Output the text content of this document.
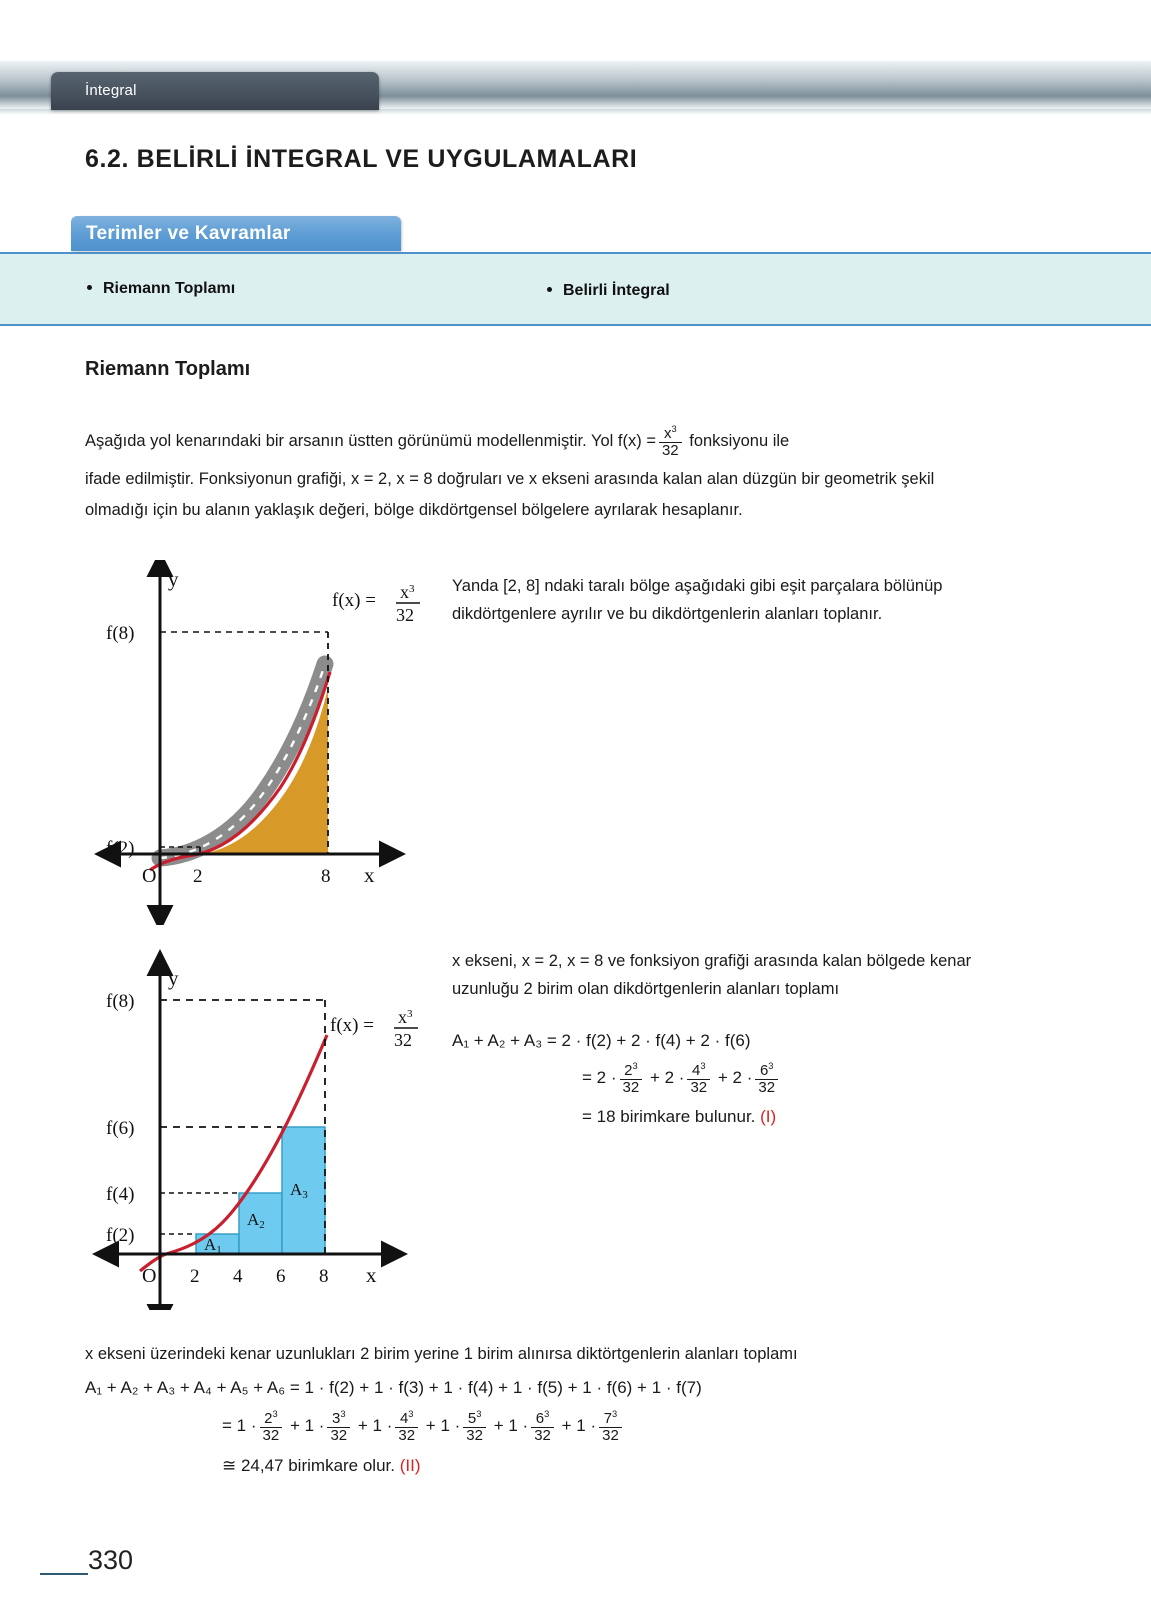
İntegral
6.2. BELİRLİ İNTEGRAL VE UYGULAMALARI
Terimler ve Kavramlar
Riemann Toplamı	Belirli İntegral
Riemann Toplamı
Aşağıda yol kenarındaki bir arsanın üstten görünümü modellenmiştir. Yol $f(x) = \frac{x^3}{32}$ fonksiyonu ile
ifade edilmiştir. Fonksiyonun grafiği, x = 2, x = 8 doğruları ve x ekseni arasında kalan alan düzgün bir geometrik şekil olmadığı için bu alanın yaklaşık değeri, bölge dikdörtgensel bölgelere ayrılarak hesaplanır.
y
x
O
f(8)
f(2)
2	8
$f(x) = x^3$
32
Yanda [2, 8] ndaki taralı bölge aşağıdaki gibi eşit parçalara bölünüp dikdörtgenlere ayrılır ve bu dikdörtgenlerin alanları toplanır.
y
x
O
f(8)
f(6)
f(4)
f(2)
2 4 6 8
A1
A2
A3
$f(x) = x^3$
32
x ekseni, x = 2, x = 8 ve fonksiyon grafiği arasında kalan bölgede kenar uzunluğu 2 birim olan dikdörtgenlerin alanları toplamı
A₁ + A₂ + A₃ = 2 · f(2) + 2 · f(4) + 2 · f(6)
= $2 \cdot \frac{2^3}{32} + 2 \cdot \frac{4^3}{32} + 2 \cdot \frac{6^3}{32}$
= 18 birimkare bulunur. (I)
x ekseni üzerindeki kenar uzunlukları 2 birim yerine 1 birim alınırsa diktörtgenlerin alanları toplamı
A₁ + A₂ + A₃ + A₄ + A₅ + A₆ = 1 · f(2) + 1 · f(3) + 1 · f(4) + 1 · f(5) + 1 · f(6) + 1 · f(7)
= $1 \cdot \frac{2^3}{32} + 1 \cdot \frac{3^3}{32} + 1 \cdot \frac{4^3}{32} + 1 \cdot \frac{5^3}{32} + 1 \cdot \frac{6^3}{32} + 1 \cdot \frac{7^3}{32}$
≅ 24,47 birimkare olur. (II)
330
